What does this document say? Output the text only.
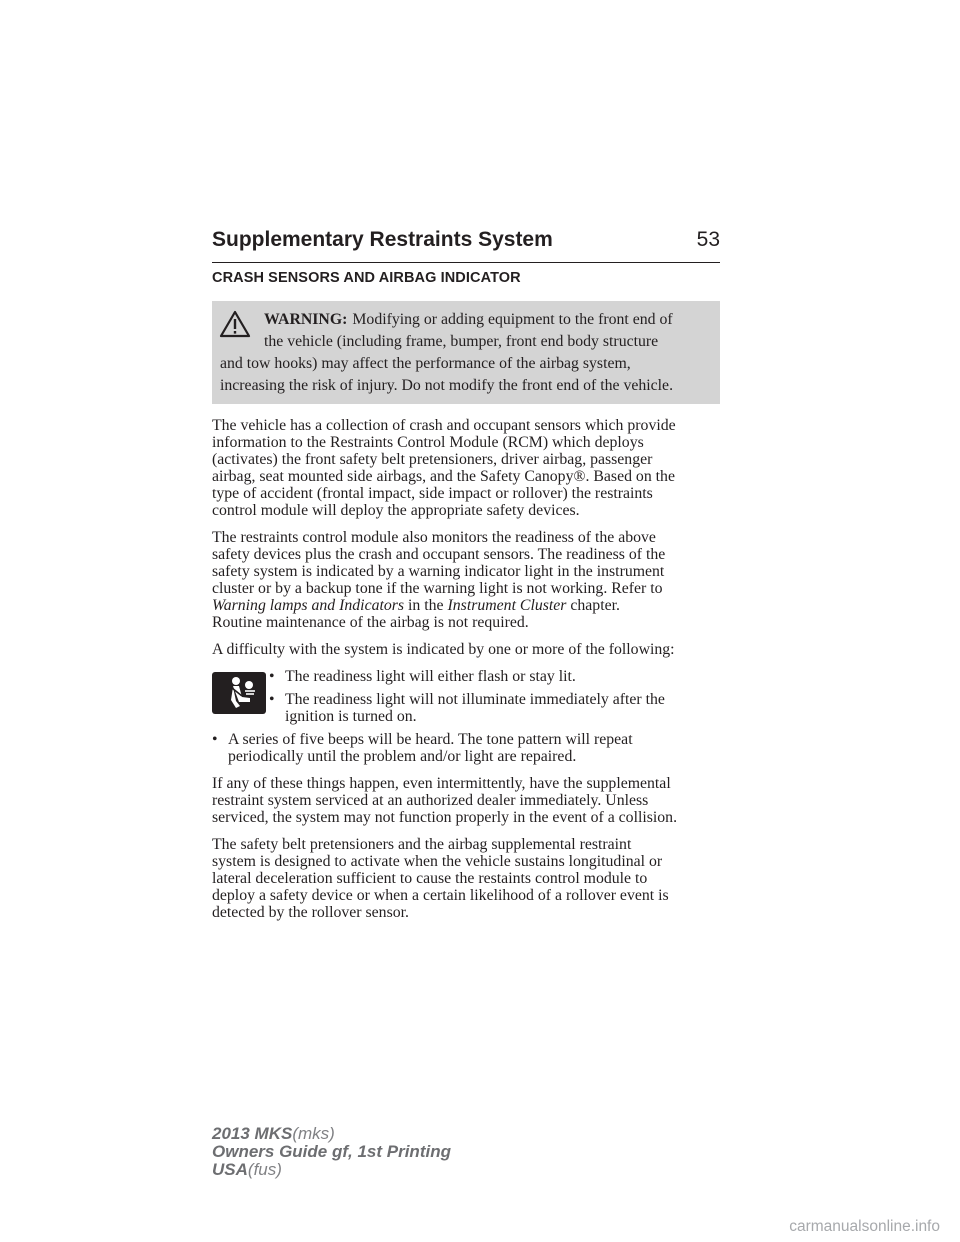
Supplementary Restraints System	53
CRASH SENSORS AND AIRBAG INDICATOR
WARNING: Modifying or adding equipment to the front end of
the vehicle (including frame, bumper, front end body structure
and tow hooks) may affect the performance of the airbag system,
increasing the risk of injury. Do not modify the front end of the vehicle.

The vehicle has a collection of crash and occupant sensors which provide
information to the Restraints Control Module (RCM) which deploys
(activates) the front safety belt pretensioners, driver airbag, passenger
airbag, seat mounted side airbags, and the Safety Canopy®. Based on the
type of accident (frontal impact, side impact or rollover) the restraints
control module will deploy the appropriate safety devices.

The restraints control module also monitors the readiness of the above
safety devices plus the crash and occupant sensors. The readiness of the
safety system is indicated by a warning indicator light in the instrument
cluster or by a backup tone if the warning light is not working. Refer to
Warning lamps and Indicators in the Instrument Cluster chapter.
Routine maintenance of the airbag is not required.

A difficulty with the system is indicated by one or more of the following:

• The readiness light will either flash or stay lit.
• The readiness light will not illuminate immediately after the
ignition is turned on.
• A series of five beeps will be heard. The tone pattern will repeat
periodically until the problem and/or light are repaired.

If any of these things happen, even intermittently, have the supplemental
restraint system serviced at an authorized dealer immediately. Unless
serviced, the system may not function properly in the event of a collision.

The safety belt pretensioners and the airbag supplemental restraint
system is designed to activate when the vehicle sustains longitudinal or
lateral deceleration sufficient to cause the restaints control module to
deploy a safety device or when a certain likelihood of a rollover event is
detected by the rollover sensor.

2013 MKS(mks)
Owners Guide gf, 1st Printing
USA(fus)
carmanualsonline.info
